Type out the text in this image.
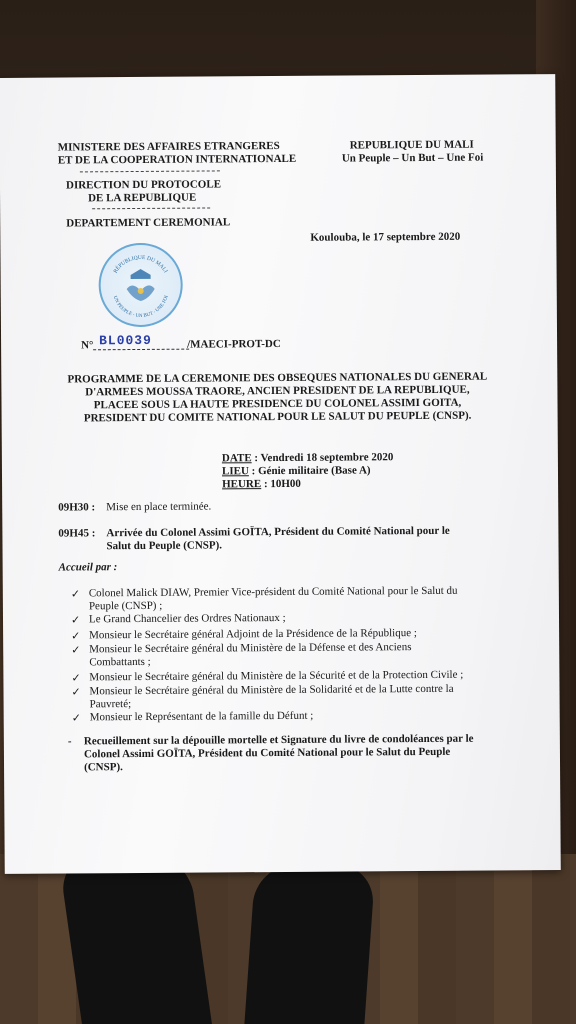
MINISTERE DES AFFAIRES ETRANGERES
ET DE LA COOPERATION INTERNATIONALE
DIRECTION DU PROTOCOLE
DE LA REPUBLIQUE
DEPARTEMENT CEREMONIAL
REPUBLIQUE DU MALI
Un Peuple – Un But – Une Foi
Koulouba, le 17 septembre 2020
RÉPUBLIQUE DU MALI
UN PEUPLE - UN BUT - UNE FOI
N° BL0039	/MAECI-PROT-DC
PROGRAMME DE LA CEREMONIE DES OBSEQUES NATIONALES DU GENERAL D'ARMEES MOUSSA TRAORE, ANCIEN PRESIDENT DE LA REPUBLIQUE, PLACEE SOUS LA HAUTE PRESIDENCE DU COLONEL ASSIMI GOITA, PRESIDENT DU COMITE NATIONAL POUR LE SALUT DU PEUPLE (CNSP).
DATE : Vendredi 18 septembre 2020
LIEU : Génie militaire (Base A)
HEURE : 10H00
09H30 : Mise en place terminée.
09H45 : Arrivée du Colonel Assimi GOÏTA, Président du Comité National pour le Salut du Peuple (CNSP).
Accueil par :
✓ Colonel Malick DIAW, Premier Vice-président du Comité National pour le Salut du Peuple (CNSP) ;
✓ Le Grand Chancelier des Ordres Nationaux ;
✓ Monsieur le Secrétaire général Adjoint de la Présidence de la République ;
✓ Monsieur le Secrétaire général du Ministère de la Défense et des Anciens Combattants ;
✓ Monsieur le Secrétaire général du Ministère de la Sécurité et de la Protection Civile ;
✓ Monsieur le Secrétaire général du Ministère de la Solidarité et de la Lutte contre la Pauvreté;
✓ Monsieur le Représentant de la famille du Défunt ;
- Recueillement sur la dépouille mortelle et Signature du livre de condoléances par le Colonel Assimi GOÏTA, Président du Comité National pour le Salut du Peuple (CNSP).
